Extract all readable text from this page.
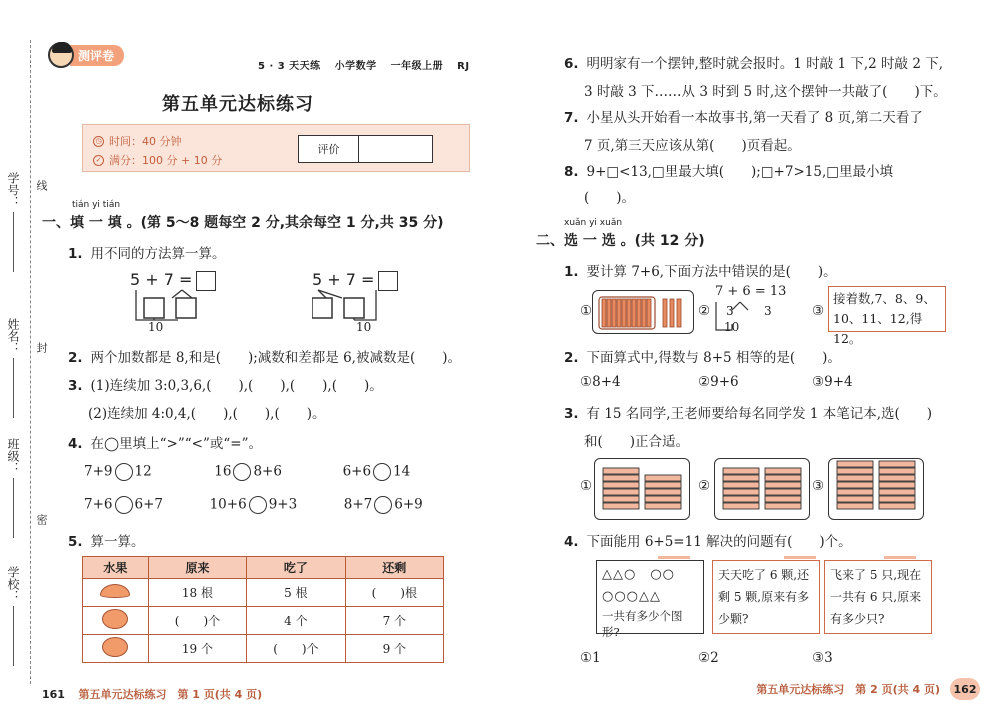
学号：
姓名：
班级：
学校：
线
封
密
测评卷
5 · 3 天天练 小学数学 一年级上册 RJ
第五单元达标练习
◷ 时间：40 分钟
✓ 满分：100 分 + 10 分
评价
tián yi tián
一、填 一 填 。(第 5～8 题每空 2 分,其余每空 1 分,共 35 分)
1. 用不同的方法算一算。
5 + 7 =
10
5 + 7 =
10
2. 两个加数都是 8,和是(　　);减数和差都是 6,被减数是(　　)。
3. (1)连续加 3:0,3,6,(　　),(　　),(　　),(　　)。
(2)连续加 4:0,4,(　　),(　　),(　　)。
4. 在◯里填上“>”“<”或“=”。
7+9 12	16 8+6	6+6 14
7+6 6+7	10+6 9+3	8+7 6+9
5. 算一算。
水果	原来	吃了	还剩
	18 根	5 根	(　　)根
	(　　)个	4 个	7 个
	19 个	(　　)个	9 个
161 第五单元达标练习　第 1 页(共 4 页)
6. 明明家有一个摆钟,整时就会报时。1 时敲 1 下,2 时敲 2 下,
3 时敲 3 下……从 3 时到 5 时,这个摆钟一共敲了(　　)下。
7. 小星从头开始看一本故事书,第一天看了 8 页,第二天看了
7 页,第三天应该从第(　　)页看起。
8. 9+□<13,□里最大填(　　);□+7>15,□里最小填
(　　)。
xuǎn yi xuǎn
二、选 一 选 。(共 12 分)
1. 要计算 7+6,下面方法中错误的是(　　)。
①	②	③
7 + 6 = 13
3	3
10
接着数,7、8、9、10、11、12,得 12。
2. 下面算式中,得数与 8+5 相等的是(　　)。
①8+4	②9+6	③9+4
3. 有 15 名同学,王老师要给每名同学发 1 本笔记本,选(　　)
和(　　)正合适。
①	②	③
4. 下面能用 6+5=11 解决的问题有(　　)个。
△△○　○○
○○○△△
一共有多少个图形?
天天吃了 6 颗,还剩 5 颗,原来有多少颗?
飞来了 5 只,现在一共有 6 只,原来有多少只?
①1	②2	③3
第五单元达标练习　第 2 页(共 4 页)	162
